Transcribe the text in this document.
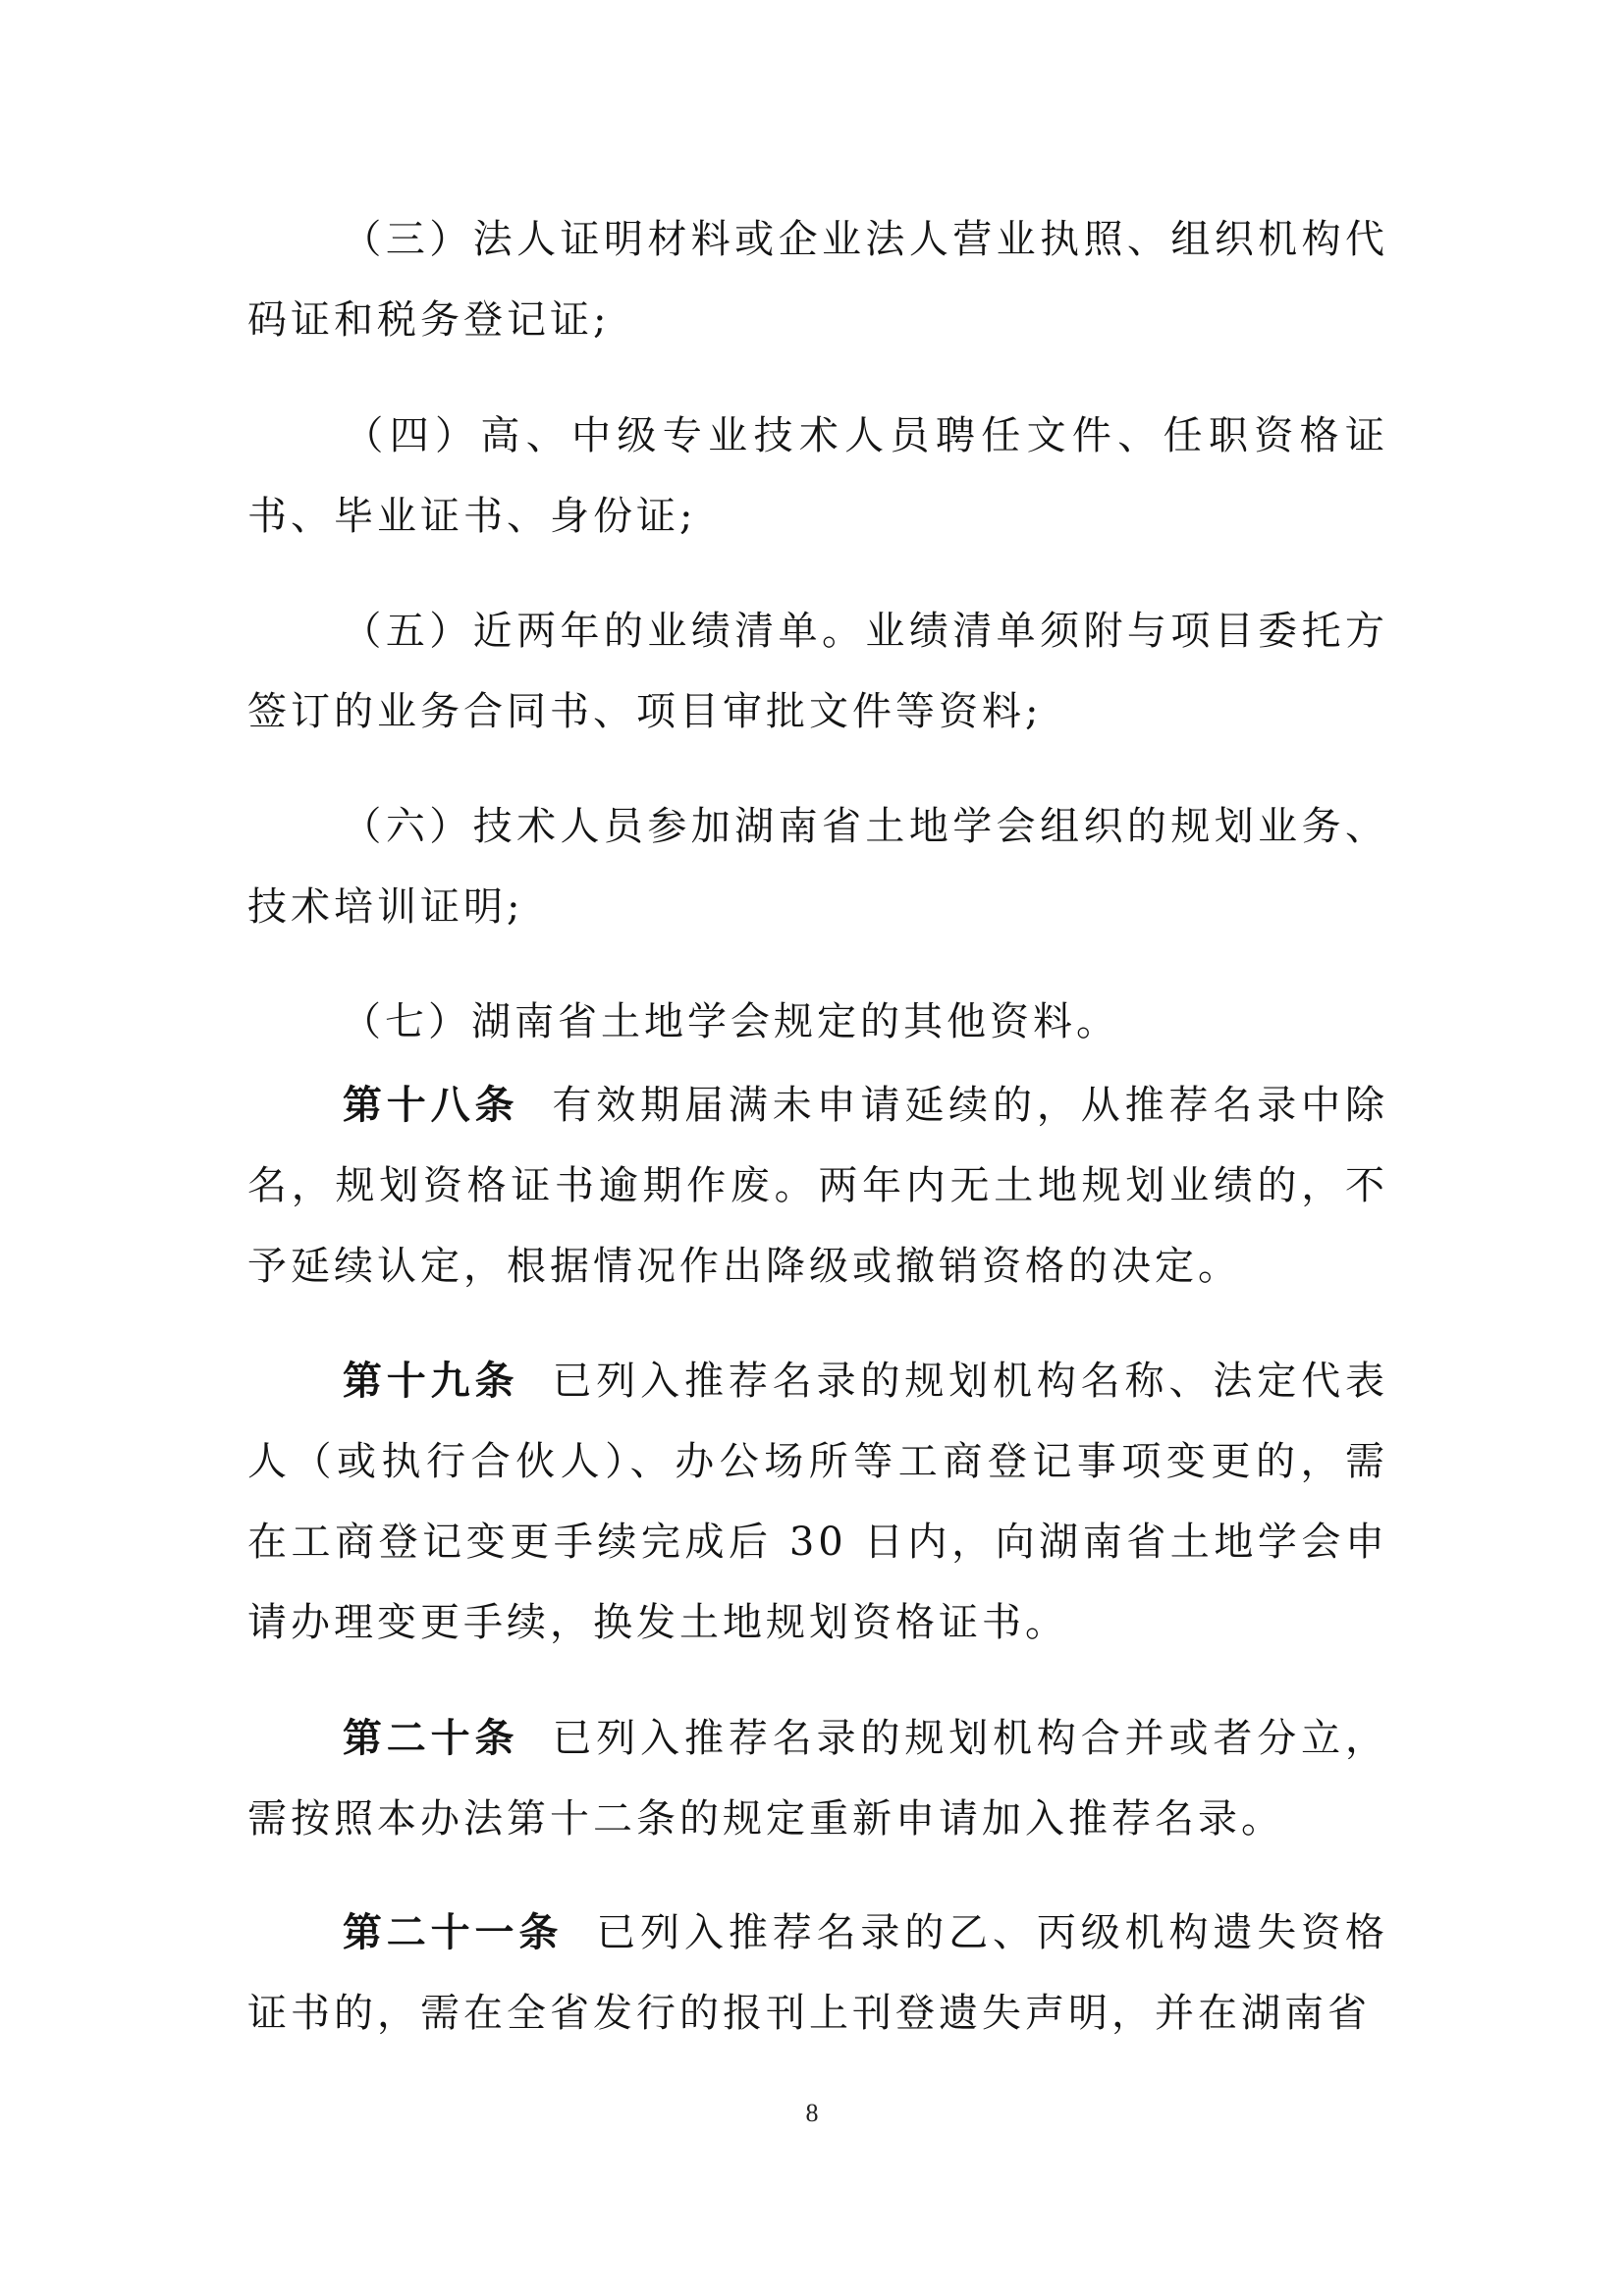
（三）法人证明材料或企业法人营业执照、组织机构代码证和税务登记证;

（四）高、中级专业技术人员聘任文件、任职资格证书、毕业证书、身份证;

（五）近两年的业绩清单。业绩清单须附与项目委托方签订的业务合同书、项目审批文件等资料;

（六）技术人员参加湖南省土地学会组织的规划业务、技术培训证明;

（七）湖南省土地学会规定的其他资料。

第十八条 有效期届满未申请延续的，从推荐名录中除名，规划资格证书逾期作废。两年内无土地规划业绩的，不予延续认定，根据情况作出降级或撤销资格的决定。

第十九条 已列入推荐名录的规划机构名称、法定代表人（或执行合伙人）、办公场所等工商登记事项变更的，需在工商登记变更手续完成后 30 日内，向湖南省土地学会申请办理变更手续，换发土地规划资格证书。

第二十条 已列入推荐名录的规划机构合并或者分立，需按照本办法第十二条的规定重新申请加入推荐名录。

第二十一条 已列入推荐名录的乙、丙级机构遗失资格证书的，需在全省发行的报刊上刊登遗失声明，并在湖南省

8
